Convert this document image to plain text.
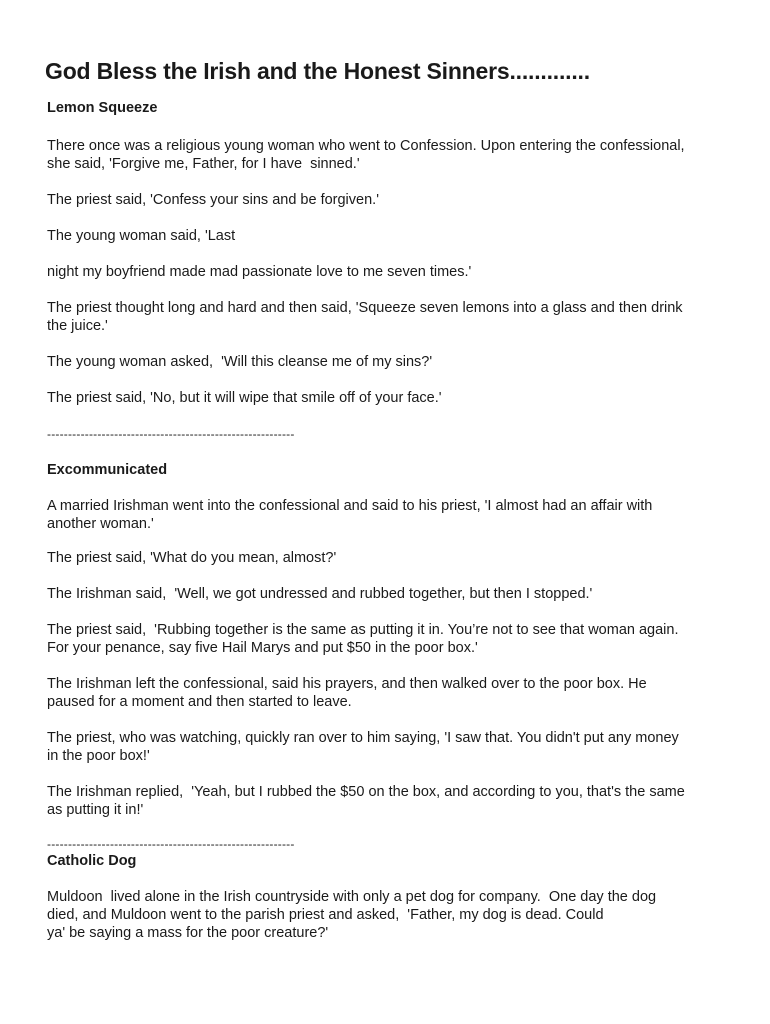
God Bless the Irish and the Honest Sinners.............

Lemon Squeeze

There once was a religious young woman who went to Confession. Upon entering the confessional,
she said, 'Forgive me, Father, for I have  sinned.'

The priest said, 'Confess your sins and be forgiven.'

The young woman said, 'Last

night my boyfriend made mad passionate love to me seven times.'

The priest thought long and hard and then said, 'Squeeze seven lemons into a glass and then drink
the juice.'

The young woman asked,  'Will this cleanse me of my sins?'

The priest said, 'No, but it will wipe that smile off of your face.'

-----------------------------------------------------------

Excommunicated

A married Irishman went into the confessional and said to his priest, 'I almost had an affair with
another woman.'

The priest said, 'What do you mean, almost?'

The Irishman said,  'Well, we got undressed and rubbed together, but then I stopped.'

The priest said,  'Rubbing together is the same as putting it in. You’re not to see that woman again.
For your penance, say five Hail Marys and put $50 in the poor box.'

The Irishman left the confessional, said his prayers, and then walked over to the poor box. He
paused for a moment and then started to leave.

The priest, who was watching, quickly ran over to him saying, 'I saw that. You didn't put any money
in the poor box!'

The Irishman replied,  'Yeah, but I rubbed the $50 on the box, and according to you, that's the same
as putting it in!'

-----------------------------------------------------------

Catholic Dog

Muldoon  lived alone in the Irish countryside with only a pet dog for company.  One day the dog
died, and Muldoon went to the parish priest and asked,  'Father, my dog is dead. Could
ya' be saying a mass for the poor creature?'
